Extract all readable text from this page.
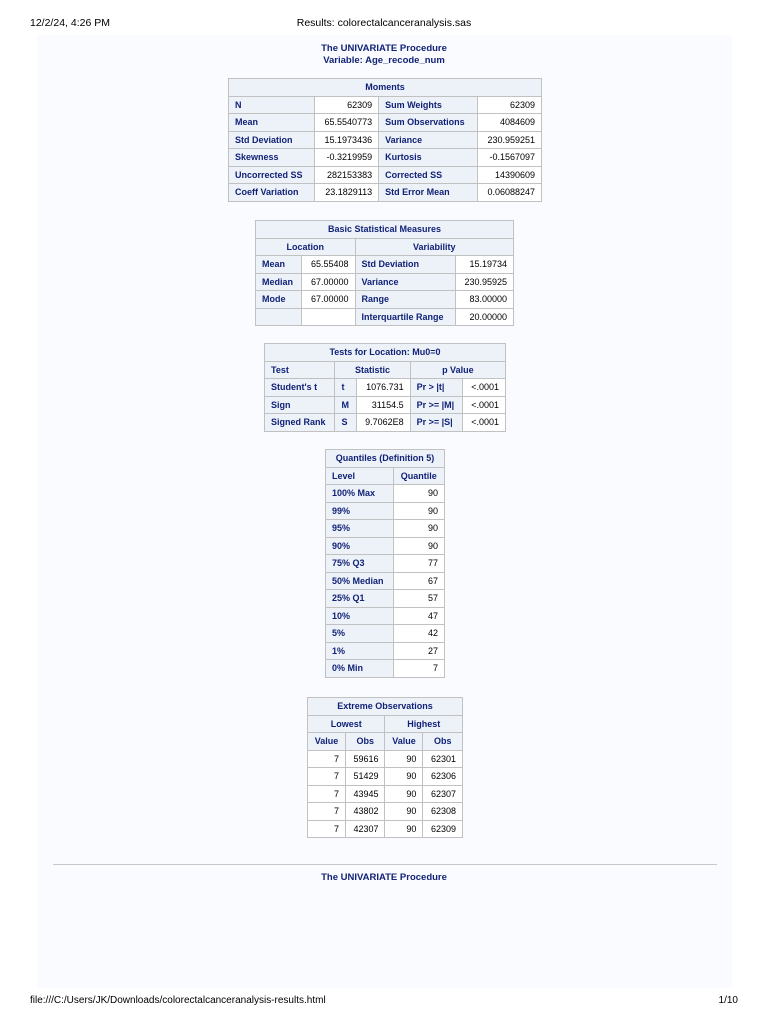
12/2/24, 4:26 PM	Results: colorectalcanceranalysis.sas
The UNIVARIATE Procedure
Variable: Age_recode_num
Moments			
N	62309	Sum Weights	62309
Mean	65.5540773	Sum Observations	4084609
Std Deviation	15.1973436	Variance	230.959251
Skewness	-0.3219959	Kurtosis	-0.1567097
Uncorrected SS	282153383	Corrected SS	14390609
Coeff Variation	23.1829113	Std Error Mean	0.06088247
Basic Statistical Measures			
Location		Variability	
Mean	65.55408	Std Deviation	15.19734
Median	67.00000	Variance	230.95925
Mode	67.00000	Range	83.00000
		Interquartile Range	20.00000
Tests for Location: Mu0=0				
Test	Statistic		p Value	
Student's t	t	1076.731	Pr > |t|	<.0001
Sign	M	31154.5	Pr >= |M|	<.0001
Signed Rank	S	9.7062E8	Pr >= |S|	<.0001
Quantiles (Definition 5)	
Level	Quantile
100% Max	90
99%	90
95%	90
90%	90
75% Q3	77
50% Median	67
25% Q1	57
10%	47
5%	42
1%	27
0% Min	7
Extreme Observations			
Lowest		Highest	
Value	Obs	Value	Obs
7	59616	90	62301
7	51429	90	62306
7	43945	90	62307
7	43802	90	62308
7	42307	90	62309
The UNIVARIATE Procedure
file:///C:/Users/JK/Downloads/colorectalcanceranalysis-results.html	1/10
